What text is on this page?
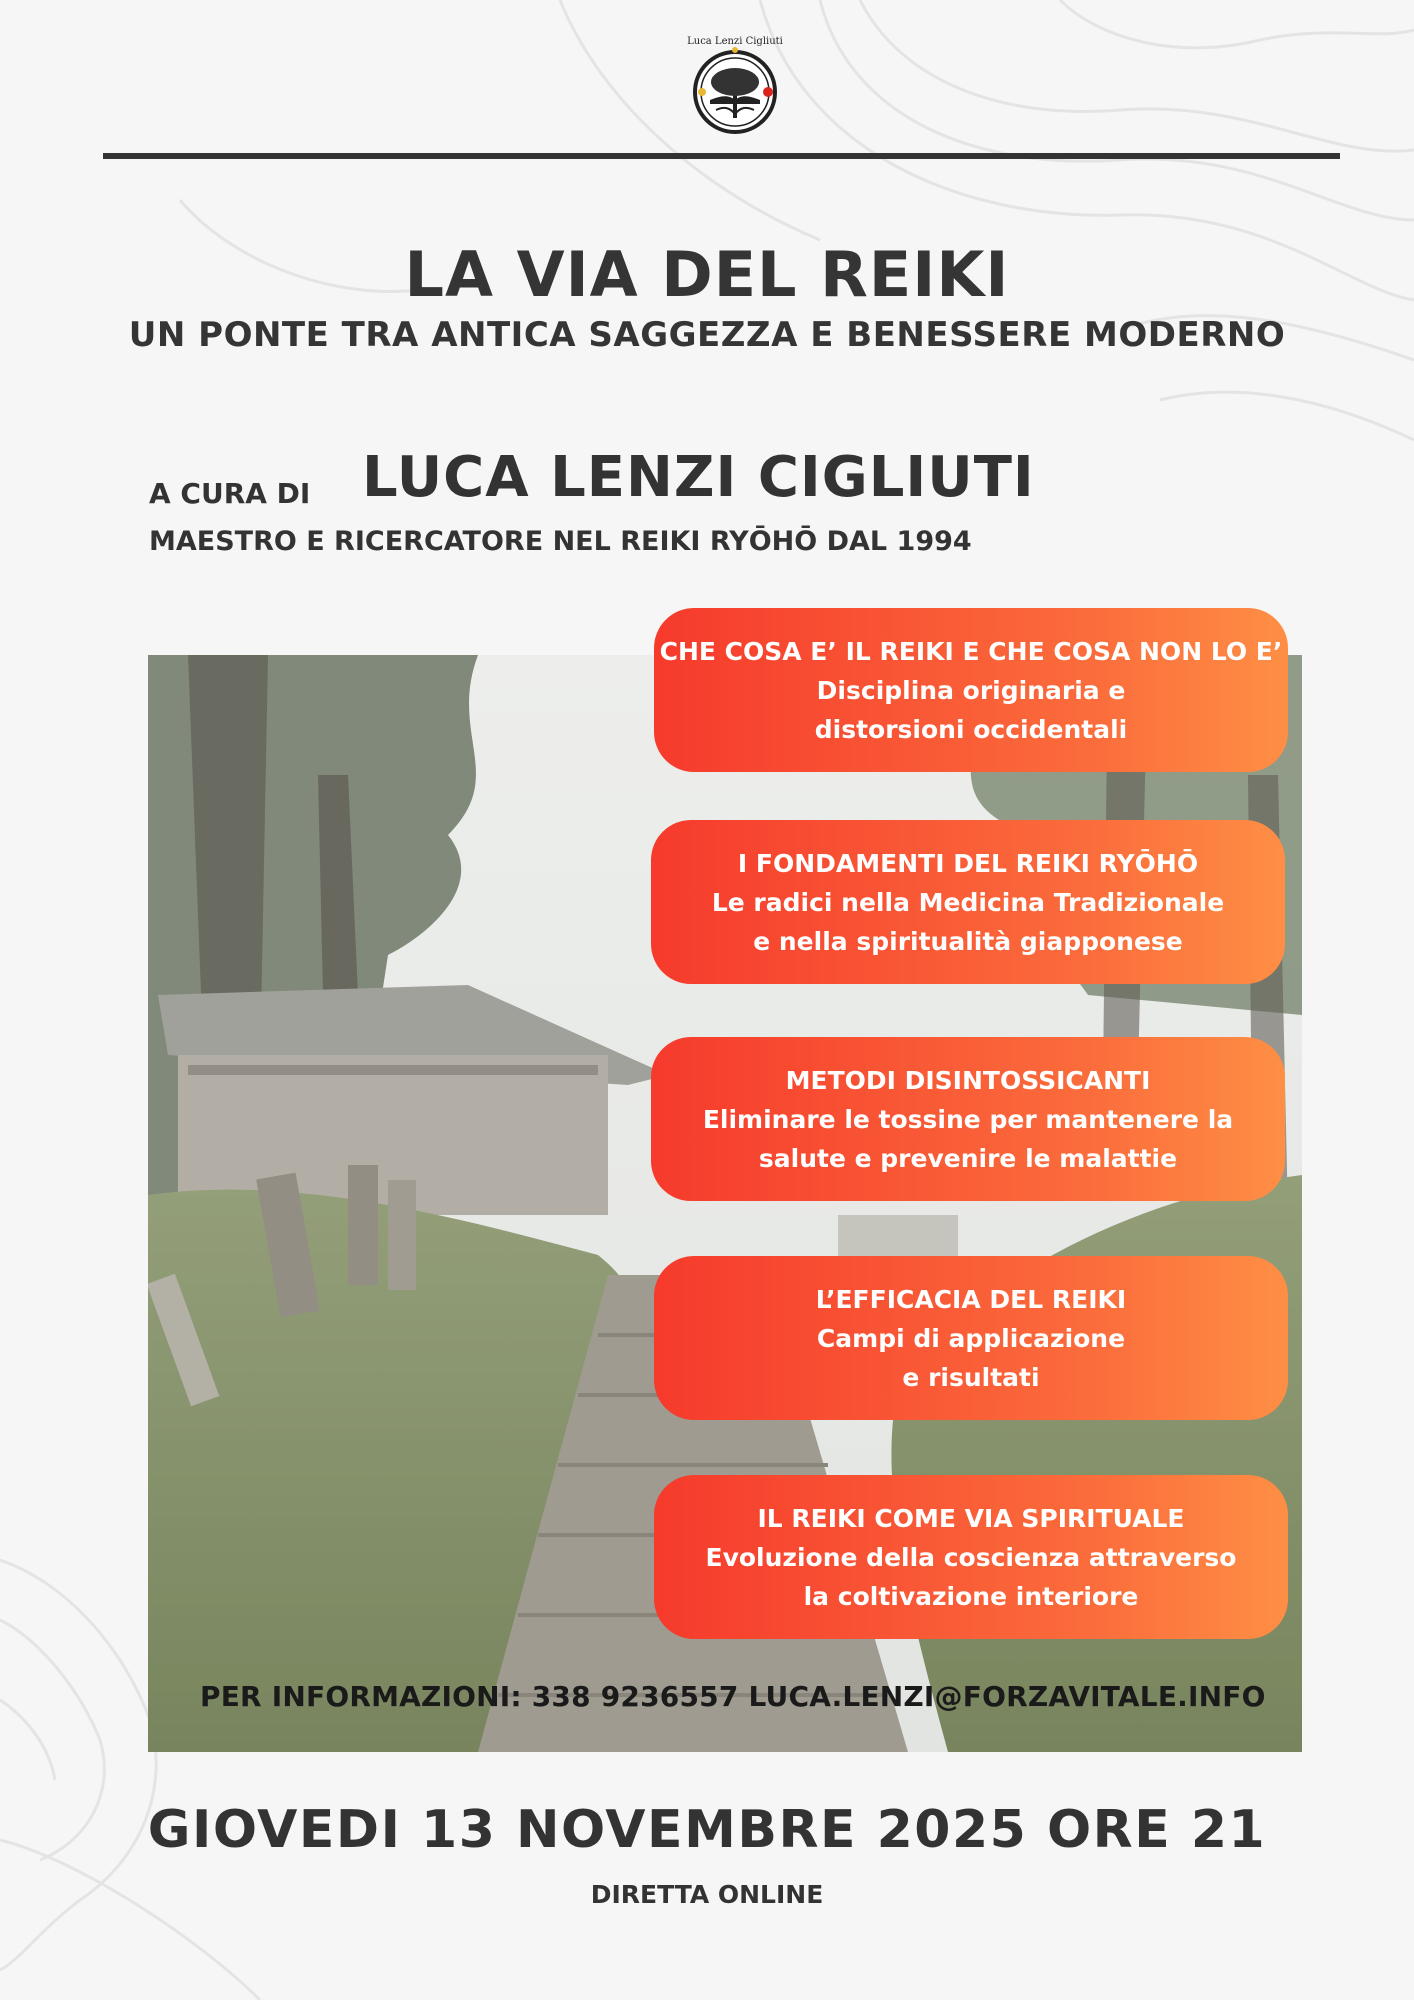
Luca Lenzi Cigliuti
LA VIA DEL REIKI
UN PONTE TRA ANTICA SAGGEZZA E BENESSERE MODERNO
A CURA DI LUCA LENZI CIGLIUTI
MAESTRO E RICERCATORE NEL REIKI RYŌHŌ DAL 1994
CHE COSA E’ IL REIKI E CHE COSA NON LO E’
Disciplina originaria e
distorsioni occidentali
I FONDAMENTI DEL REIKI RYŌHŌ
Le radici nella Medicina Tradizionale
e nella spiritualità giapponese
METODI DISINTOSSICANTI
Eliminare le tossine per mantenere la
salute e prevenire le malattie
L’EFFICACIA DEL REIKI
Campi di applicazione
e risultati
IL REIKI COME VIA SPIRITUALE
Evoluzione della coscienza attraverso
la coltivazione interiore
PER INFORMAZIONI: 338 9236557 LUCA.LENZI@FORZAVITALE.INFO
GIOVEDI 13 NOVEMBRE 2025 ORE 21
DIRETTA ONLINE
